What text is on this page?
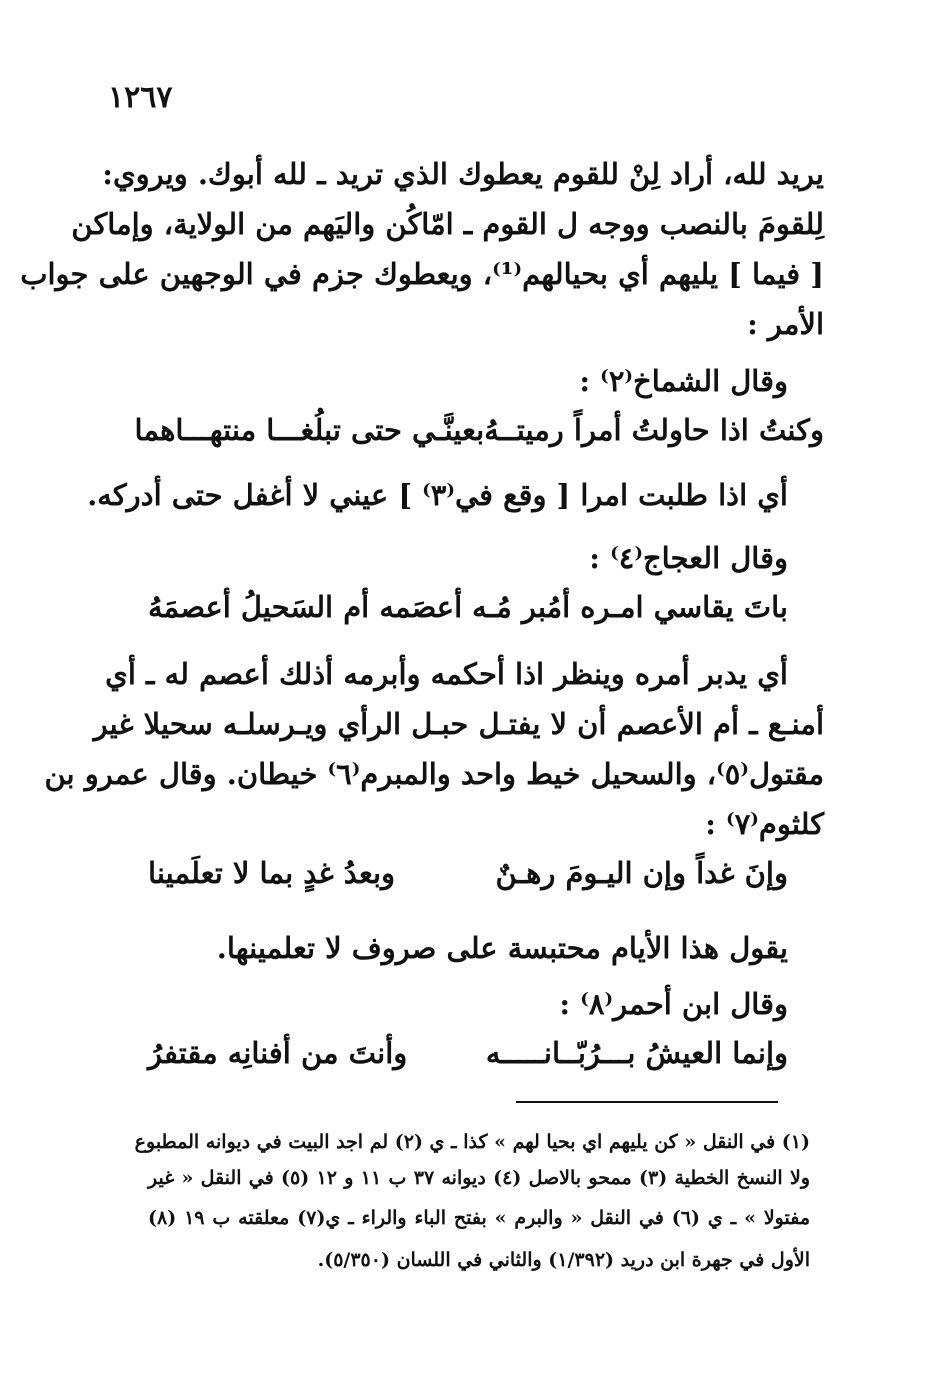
١٢٦٧
يريد لله، أراد لِنْ للقوم يعطوك الذي تريد ـ لله أبوك. ويروي:
لِلقومَ بالنصب ووجه ل القوم ـ امّاكُن واليَهم من الولاية، وإماكن
[ فيما ] يليهم أي بحيالهم⁽¹⁾، ويعطوك جزم في الوجهين على جواب
الأمر :
وقال الشماخ⁽٢⁾ :
وكنتُ اذا حاولتُ أمراً رميتــهُ
بعينَّـي حتى تبلُغـــا منتهـــاهما
أي اذا طلبت امرا [ وقع في⁽٣⁾ ] عيني لا أغفل حتى أدركه.
وقال العجاج⁽٤⁾ :
باتَ يقاسي امـره أمُبر مُـه
أعصَمه أم السَحيلُ أعصمَهُ
أي يدبر أمره وينظر اذا أحكمه وأبرمه أذلك أعصم له ـ أي
أمنـع ـ أم الأعصم أن لا يفتـل حبـل الرأي ويـرسلـه سحيلا غير
مقتول⁽٥⁾، والسحيل خيط واحد والمبرم⁽٦⁾ خيطان. وقال عمرو بن
كلثوم⁽٧⁾ :
وإنَ غداً وإن اليـومَ رهـنٌ
وبعدُ غدٍ بما لا تعلَمينا
يقول هذا الأيام محتبسة على صروف لا تعلمينها.
وقال ابن أحمر⁽٨⁾ :
وإنما العيشُ بـــرُبّــانـــــه
وأنتَ من أفنانِه مقتفرُ
(١) في النقل « كن يليهم اي بحيا لهم » كذا ـ ي (٢) لم اجد البيت في ديوانه المطبوع
ولا النسخ الخطية (٣) ممحو بالاصل (٤) ديوانه ٣٧ ب ١١ و ١٢ (٥) في النقل « غير
مفتولا » ـ ي (٦) في النقل « والبرم » بفتح الباء والراء ـ ي(٧) معلقته ب ١٩ (٨)
الأول في جهرة ابن دريد (١/٣٩٢) والثاني في اللسان (٥/٣٥٠).
